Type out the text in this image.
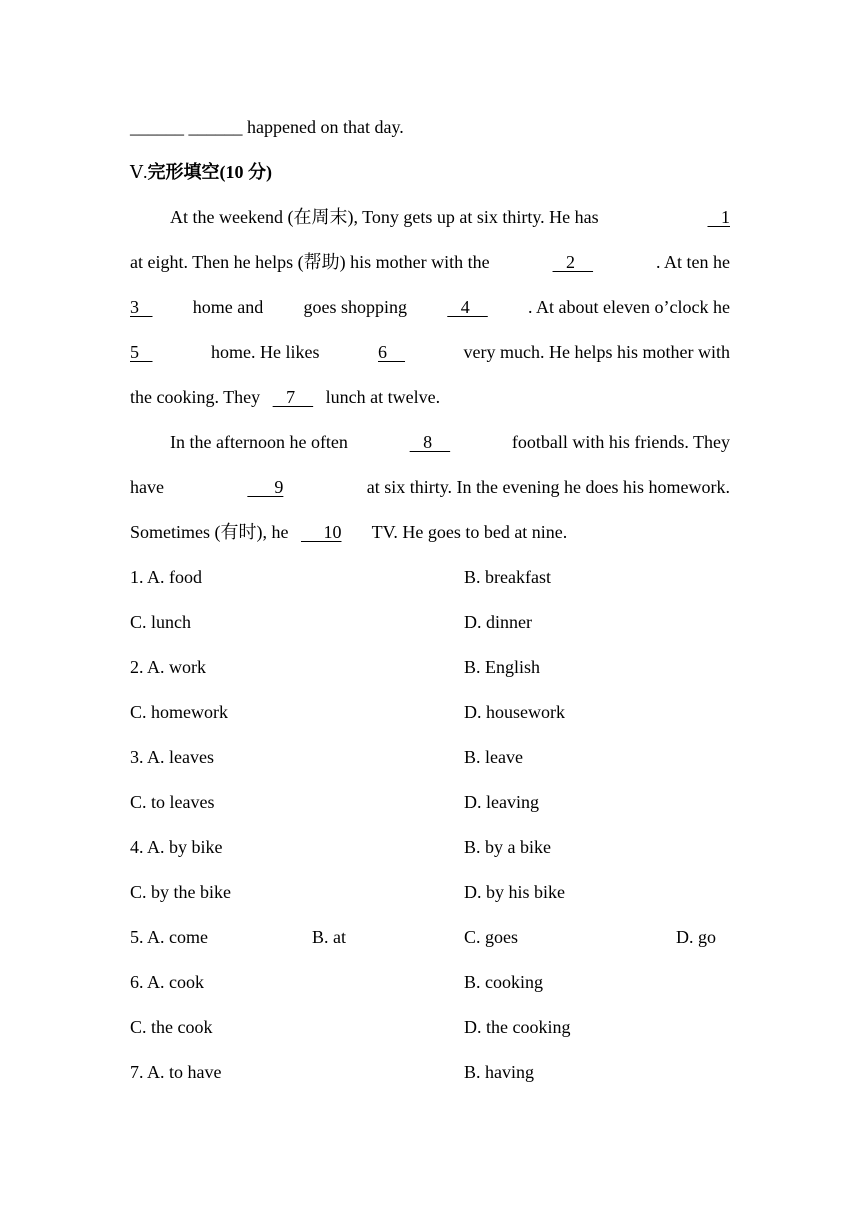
______ ______ happened on that day.
Ⅴ.完形填空(10 分)
At the weekend (在周末), Tony gets up at six thirty. He has	1
at eight. Then he helps (帮助) his mother with the	2	. At ten he
3 home and goes shopping 4 . At about eleven o’clock he
5	home. He likes	6	very much. He helps his mother with
the cooking. They    7     lunch at twelve.
In the afternoon he often	8	football with his friends. They
have	9	at six thirty. In the evening he does his homework.
Sometimes (有时), he      10 TV. He goes to bed at nine.
1. A. food	B. breakfast
C. lunch	D. dinner
2. A. work	B. English
C. homework	D. housework
3. A. leaves	B. leave
C. to leaves	D. leaving
4. A. by bike	B. by a bike
C. by the bike	D. by his bike
5. A. come	B. at	C. goes	D. go
6. A. cook	B. cooking
C. the cook	D. the cooking
7. A. to have	B. having
